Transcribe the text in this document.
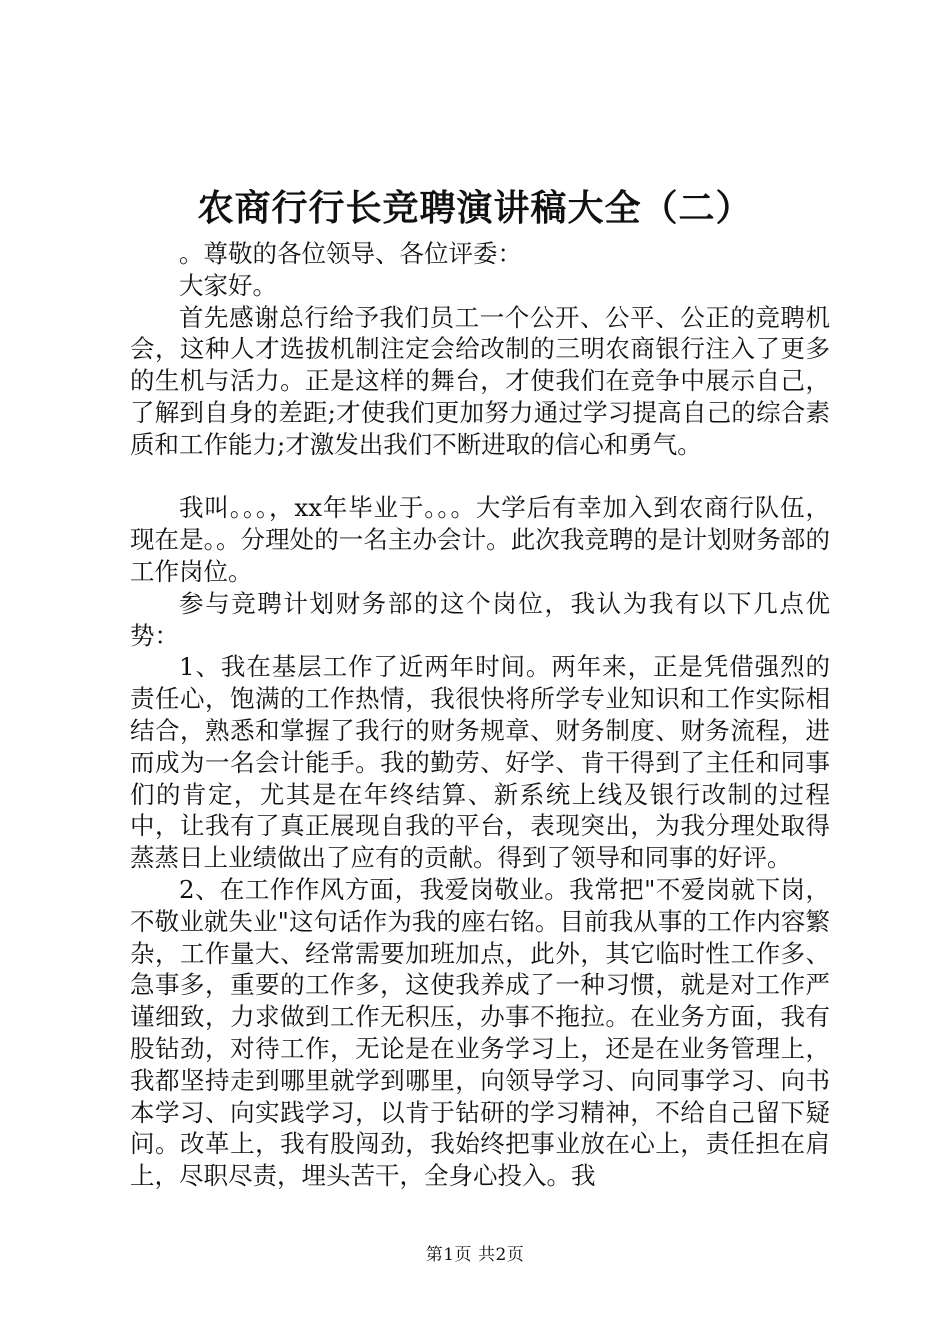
农商行行长竞聘演讲稿大全（二）

。尊敬的各位领导、各位评委：

大家好。

首先感谢总行给予我们员工一个公开、公平、公正的竞聘机会，这种人才选拔机制注定会给改制的三明农商银行注入了更多的生机与活力。正是这样的舞台，才使我们在竞争中展示自己，了解到自身的差距;才使我们更加努力通过学习提高自己的综合素质和工作能力;才激发出我们不断进取的信心和勇气。

我叫。。。，xx年毕业于。。。大学后有幸加入到农商行队伍，现在是。。分理处的一名主办会计。此次我竞聘的是计划财务部的工作岗位。

参与竞聘计划财务部的这个岗位，我认为我有以下几点优势：

1、我在基层工作了近两年时间。两年来，正是凭借强烈的责任心，饱满的工作热情，我很快将所学专业知识和工作实际相结合，熟悉和掌握了我行的财务规章、财务制度、财务流程，进而成为一名会计能手。我的勤劳、好学、肯干得到了主任和同事们的肯定，尤其是在年终结算、新系统上线及银行改制的过程中，让我有了真正展现自我的平台，表现突出，为我分理处取得蒸蒸日上业绩做出了应有的贡献。得到了领导和同事的好评。

2、在工作作风方面，我爱岗敬业。我常把"不爱岗就下岗，不敬业就失业"这句话作为我的座右铭。目前我从事的工作内容繁杂，工作量大、经常需要加班加点，此外，其它临时性工作多、急事多，重要的工作多，这使我养成了一种习惯，就是对工作严谨细致，力求做到工作无积压，办事不拖拉。在业务方面，我有股钻劲，对待工作，无论是在业务学习上，还是在业务管理上，我都坚持走到哪里就学到哪里，向领导学习、向同事学习、向书本学习、向实践学习，以肯于钻研的学习精神，不给自己留下疑问。改革上，我有股闯劲，我始终把事业放在心上，责任担在肩上，尽职尽责，埋头苦干，全身心投入。我

第1页 共2页
